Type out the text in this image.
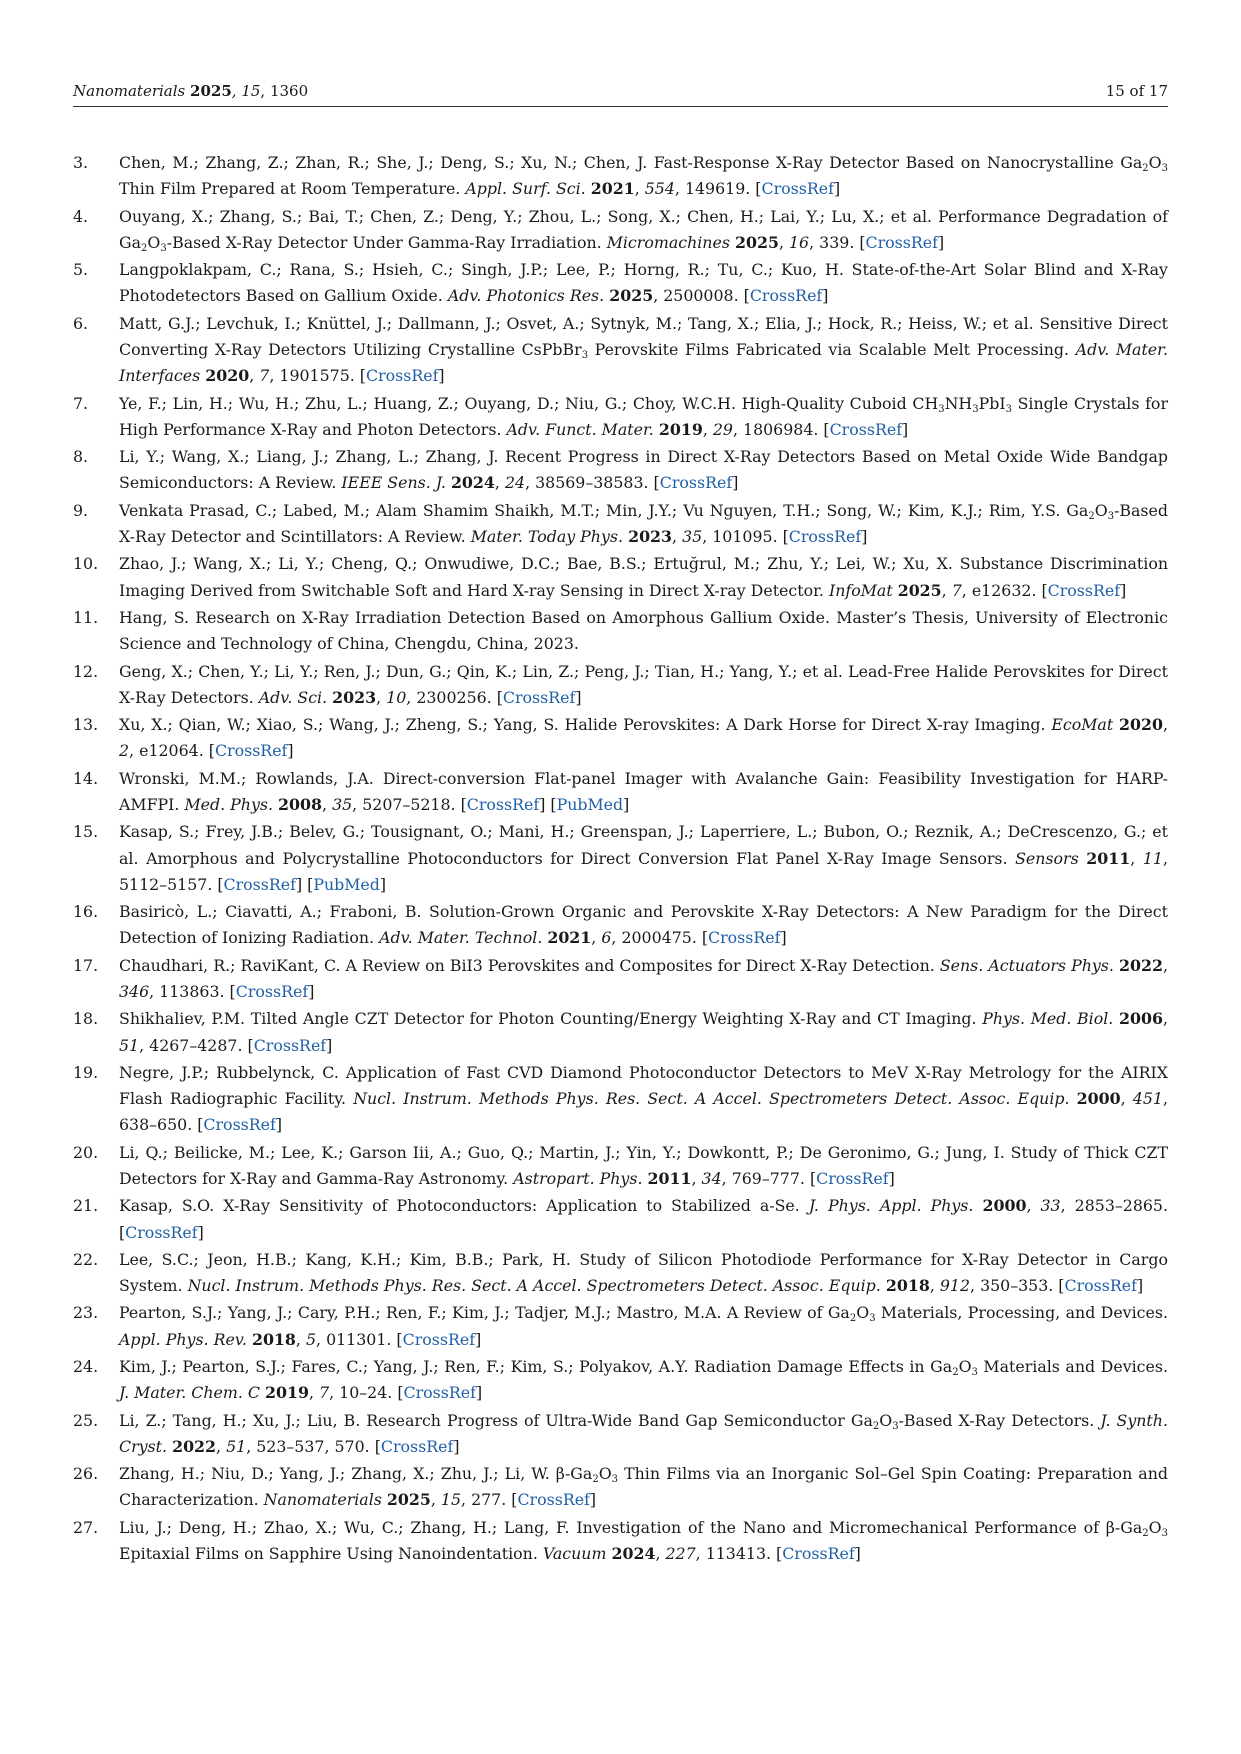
Nanomaterials 2025, 15, 1360	15 of 17
3. Chen, M.; Zhang, Z.; Zhan, R.; She, J.; Deng, S.; Xu, N.; Chen, J. Fast-Response X-Ray Detector Based on Nanocrystalline $Ga_2O_3$ Thin Film Prepared at Room Temperature. Appl. Surf. Sci. 2021, 554, 149619. [CrossRef]
4. Ouyang, X.; Zhang, S.; Bai, T.; Chen, Z.; Deng, Y.; Zhou, L.; Song, X.; Chen, H.; Lai, Y.; Lu, X.; et al. Performance Degradation of $Ga_2O_3$-Based X-Ray Detector Under Gamma-Ray Irradiation. Micromachines 2025, 16, 339. [CrossRef]
5. Langpoklakpam, C.; Rana, S.; Hsieh, C.; Singh, J.P.; Lee, P.; Horng, R.; Tu, C.; Kuo, H. State-of-the-Art Solar Blind and X-Ray Photodetectors Based on Gallium Oxide. Adv. Photonics Res. 2025, 2500008. [CrossRef]
6. Matt, G.J.; Levchuk, I.; Knüttel, J.; Dallmann, J.; Osvet, A.; Sytnyk, M.; Tang, X.; Elia, J.; Hock, R.; Heiss, W.; et al. Sensitive Direct Converting X-Ray Detectors Utilizing Crystalline CsPbBr$_3$ Perovskite Films Fabricated via Scalable Melt Processing. Adv. Mater. Interfaces 2020, 7, 1901575. [CrossRef]
7. Ye, F.; Lin, H.; Wu, H.; Zhu, L.; Huang, Z.; Ouyang, D.; Niu, G.; Choy, W.C.H. High-Quality Cuboid $CH_3NH_3PbI_3$ Single Crystals for High Performance X-Ray and Photon Detectors. Adv. Funct. Mater. 2019, 29, 1806984. [CrossRef]
8. Li, Y.; Wang, X.; Liang, J.; Zhang, L.; Zhang, J. Recent Progress in Direct X-Ray Detectors Based on Metal Oxide Wide Bandgap Semiconductors: A Review. IEEE Sens. J. 2024, 24, 38569–38583. [CrossRef]
9. Venkata Prasad, C.; Labed, M.; Alam Shamim Shaikh, M.T.; Min, J.Y.; Vu Nguyen, T.H.; Song, W.; Kim, K.J.; Rim, Y.S. $Ga_2O_3$-Based X-Ray Detector and Scintillators: A Review. Mater. Today Phys. 2023, 35, 101095. [CrossRef]
10. Zhao, J.; Wang, X.; Li, Y.; Cheng, Q.; Onwudiwe, D.C.; Bae, B.S.; Ertuğrul, M.; Zhu, Y.; Lei, W.; Xu, X. Substance Discrimination Imaging Derived from Switchable Soft and Hard X-ray Sensing in Direct X-ray Detector. InfoMat 2025, 7, e12632. [CrossRef]
11. Hang, S. Research on X-Ray Irradiation Detection Based on Amorphous Gallium Oxide. Master’s Thesis, University of Electronic Science and Technology of China, Chengdu, China, 2023.
12. Geng, X.; Chen, Y.; Li, Y.; Ren, J.; Dun, G.; Qin, K.; Lin, Z.; Peng, J.; Tian, H.; Yang, Y.; et al. Lead-Free Halide Perovskites for Direct X-Ray Detectors. Adv. Sci. 2023, 10, 2300256. [CrossRef]
13. Xu, X.; Qian, W.; Xiao, S.; Wang, J.; Zheng, S.; Yang, S. Halide Perovskites: A Dark Horse for Direct X-ray Imaging. EcoMat 2020, 2, e12064. [CrossRef]
14. Wronski, M.M.; Rowlands, J.A. Direct-conversion Flat-panel Imager with Avalanche Gain: Feasibility Investigation for HARP-AMFPI. Med. Phys. 2008, 35, 5207–5218. [CrossRef] [PubMed]
15. Kasap, S.; Frey, J.B.; Belev, G.; Tousignant, O.; Mani, H.; Greenspan, J.; Laperriere, L.; Bubon, O.; Reznik, A.; DeCrescenzo, G.; et al. Amorphous and Polycrystalline Photoconductors for Direct Conversion Flat Panel X-Ray Image Sensors. Sensors 2011, 11, 5112–5157. [CrossRef] [PubMed]
16. Basiricò, L.; Ciavatti, A.; Fraboni, B. Solution-Grown Organic and Perovskite X-Ray Detectors: A New Paradigm for the Direct Detection of Ionizing Radiation. Adv. Mater. Technol. 2021, 6, 2000475. [CrossRef]
17. Chaudhari, R.; RaviKant, C. A Review on BiI3 Perovskites and Composites for Direct X-Ray Detection. Sens. Actuators Phys. 2022, 346, 113863. [CrossRef]
18. Shikhaliev, P.M. Tilted Angle CZT Detector for Photon Counting/Energy Weighting X-Ray and CT Imaging. Phys. Med. Biol. 2006, 51, 4267–4287. [CrossRef]
19. Negre, J.P.; Rubbelynck, C. Application of Fast CVD Diamond Photoconductor Detectors to MeV X-Ray Metrology for the AIRIX Flash Radiographic Facility. Nucl. Instrum. Methods Phys. Res. Sect. A Accel. Spectrometers Detect. Assoc. Equip. 2000, 451, 638–650. [CrossRef]
20. Li, Q.; Beilicke, M.; Lee, K.; Garson Iii, A.; Guo, Q.; Martin, J.; Yin, Y.; Dowkontt, P.; De Geronimo, G.; Jung, I. Study of Thick CZT Detectors for X-Ray and Gamma-Ray Astronomy. Astropart. Phys. 2011, 34, 769–777. [CrossRef]
21. Kasap, S.O. X-Ray Sensitivity of Photoconductors: Application to Stabilized a-Se. J. Phys. Appl. Phys. 2000, 33, 2853–2865. [CrossRef]
22. Lee, S.C.; Jeon, H.B.; Kang, K.H.; Kim, B.B.; Park, H. Study of Silicon Photodiode Performance for X-Ray Detector in Cargo System. Nucl. Instrum. Methods Phys. Res. Sect. A Accel. Spectrometers Detect. Assoc. Equip. 2018, 912, 350–353. [CrossRef]
23. Pearton, S.J.; Yang, J.; Cary, P.H.; Ren, F.; Kim, J.; Tadjer, M.J.; Mastro, M.A. A Review of $Ga_2O_3$ Materials, Processing, and Devices. Appl. Phys. Rev. 2018, 5, 011301. [CrossRef]
24. Kim, J.; Pearton, S.J.; Fares, C.; Yang, J.; Ren, F.; Kim, S.; Polyakov, A.Y. Radiation Damage Effects in $Ga_2O_3$ Materials and Devices. J. Mater. Chem. C 2019, 7, 10–24. [CrossRef]
25. Li, Z.; Tang, H.; Xu, J.; Liu, B. Research Progress of Ultra-Wide Band Gap Semiconductor $Ga_2O_3$-Based X-Ray Detectors. J. Synth. Cryst. 2022, 51, 523–537, 570. [CrossRef]
26. Zhang, H.; Niu, D.; Yang, J.; Zhang, X.; Zhu, J.; Li, W. $\beta-Ga_2O_3$ Thin Films via an Inorganic Sol–Gel Spin Coating: Preparation and Characterization. Nanomaterials 2025, 15, 277. [CrossRef]
27. Liu, J.; Deng, H.; Zhao, X.; Wu, C.; Zhang, H.; Lang, F. Investigation of the Nano and Micromechanical Performance of $\beta-Ga_2O_3$ Epitaxial Films on Sapphire Using Nanoindentation. Vacuum 2024, 227, 113413. [CrossRef]
